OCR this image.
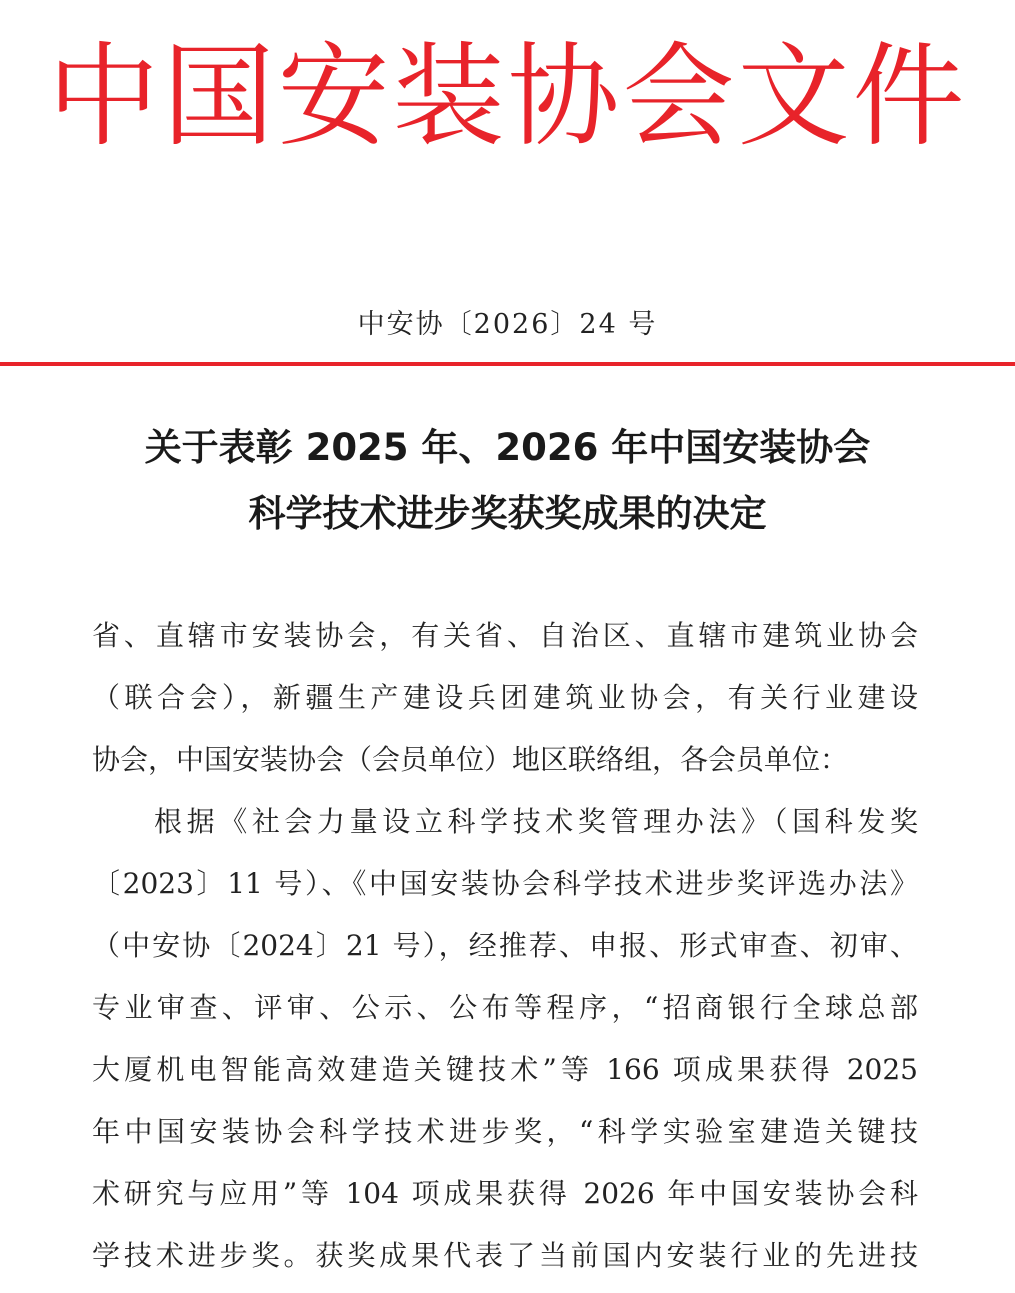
中国安装协会文件
中安协〔2026〕24 号
关于表彰 2025 年、2026 年中国安装协会
科学技术进步奖获奖成果的决定
省、直辖市安装协会，有关省、自治区、直辖市建筑业协会
（联合会），新疆生产建设兵团建筑业协会，有关行业建设
协会，中国安装协会（会员单位）地区联络组，各会员单位：
根据《社会力量设立科学技术奖管理办法》（国科发奖
〔2023〕11 号）、《中国安装协会科学技术进步奖评选办法》
（中安协〔2024〕21 号），经推荐、申报、形式审查、初审、
专业审查、评审、公示、公布等程序，“招商银行全球总部
大厦机电智能高效建造关键技术”等 166 项成果获得 2025
年中国安装协会科学技术进步奖，“科学实验室建造关键技
术研究与应用”等 104 项成果获得 2026 年中国安装协会科
学技术进步奖。获奖成果代表了当前国内安装行业的先进技
